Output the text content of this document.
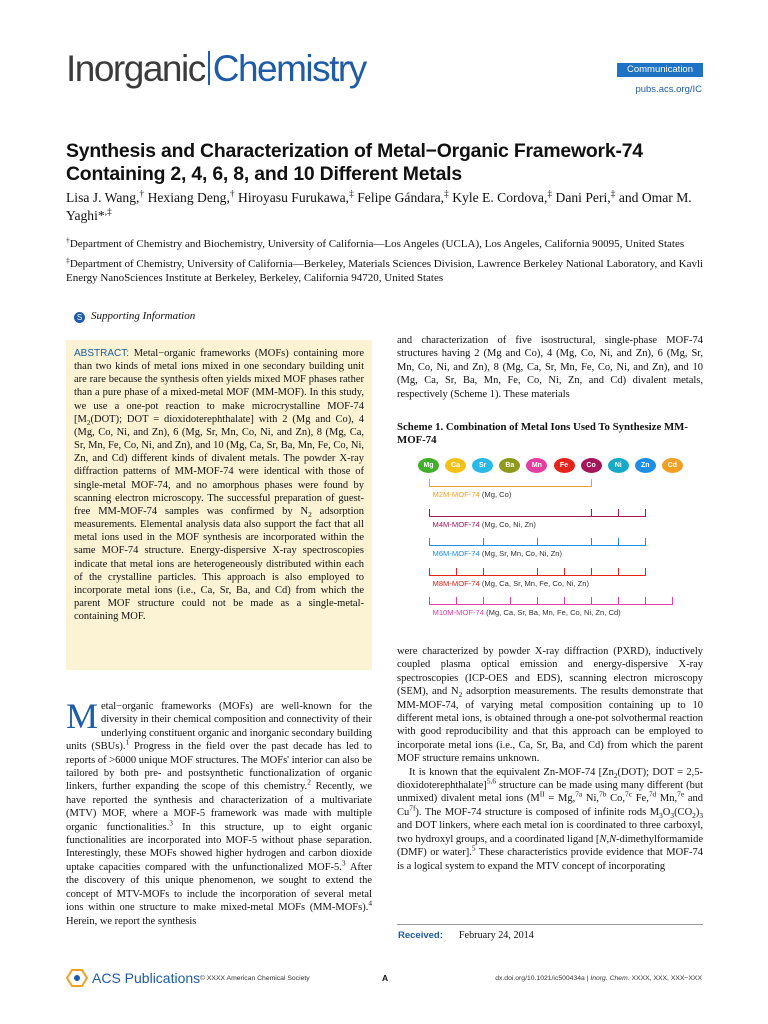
Inorganic Chemistry	Communication
pubs.acs.org/IC
Synthesis and Characterization of Metal−Organic Framework-74 Containing 2, 4, 6, 8, and 10 Different Metals
Lisa J. Wang,† Hexiang Deng,† Hiroyasu Furukawa,‡ Felipe Gándara,‡ Kyle E. Cordova,‡ Dani Peri,‡ and Omar M. Yaghi*,‡

†Department of Chemistry and Biochemistry, University of California—Los Angeles (UCLA), Los Angeles, California 90095, United States

‡Department of Chemistry, University of California—Berkeley, Materials Sciences Division, Lawrence Berkeley National Laboratory, and Kavli Energy NanoSciences Institute at Berkeley, Berkeley, California 94720, United States

S Supporting Information
ABSTRACT: Metal−organic frameworks (MOFs) containing more than two kinds of metal ions mixed in one secondary building unit are rare because the synthesis often yields mixed MOF phases rather than a pure phase of a mixed-metal MOF (MM-MOF). In this study, we use a one-pot reaction to make microcrystalline MOF-74 [$M_2(DOT)$; DOT = dioxidoterephthalate] with 2 (Mg and Co), 4 (Mg, Co, Ni, and Zn), 6 (Mg, Sr, Mn, Co, Ni, and Zn), 8 (Mg, Ca, Sr, Mn, Fe, Co, Ni, and Zn), and 10 (Mg, Ca, Sr, Ba, Mn, Fe, Co, Ni, Zn, and Cd) different kinds of divalent metals. The powder X-ray diffraction patterns of MM-MOF-74 were identical with those of single-metal MOF-74, and no amorphous phases were found by scanning electron microscopy. The successful preparation of guest-free MM-MOF-74 samples was confirmed by $N_2$ adsorption measurements. Elemental analysis data also support the fact that all metal ions used in the MOF synthesis are incorporated within the same MOF-74 structure. Energy-dispersive X-ray spectroscopies indicate that metal ions are heterogeneously distributed within each of the crystalline particles. This approach is also employed to incorporate metal ions (i.e., Ca, Sr, Ba, and Cd) from which the parent MOF structure could not be made as a single-metal-containing MOF.

Metal−organic frameworks (MOFs) are well-known for the diversity in their chemical composition and connectivity of their underlying constituent organic and inorganic secondary building units (SBUs).$^1$ Progress in the field over the past decade has led to reports of >6000 unique MOF structures. The MOFs' interior can also be tailored by both pre- and postsynthetic functionalization of organic linkers, further expanding the scope of this chemistry.$^2$ Recently, we have reported the synthesis and characterization of a multivariate (MTV) MOF, where a MOF-5 framework was made with multiple organic functionalities.$^3$ In this structure, up to eight organic functionalities are incorporated into MOF-5 without phase separation. Interestingly, these MOFs showed higher hydrogen and carbon dioxide uptake capacities compared with the unfunctionalized MOF-5.$^3$ After the discovery of this unique phenomenon, we sought to extend the concept of MTV-MOFs to include the incorporation of several metal ions within one structure to make mixed-metal MOFs (MM-MOFs).$^4$ Herein, we report the synthesis

and characterization of five isostructural, single-phase MOF-74 structures having 2 (Mg and Co), 4 (Mg, Co, Ni, and Zn), 6 (Mg, Sr, Mn, Co, Ni, and Zn), 8 (Mg, Ca, Sr, Mn, Fe, Co, Ni, and Zn), and 10 (Mg, Ca, Sr, Ba, Mn, Fe, Co, Ni, Zn, and Cd) divalent metals, respectively (Scheme 1). These materials

Scheme 1. Combination of Metal Ions Used To Synthesize MM-MOF-74
Mg	Ca	Sr	Ba	Mn	Fe	Co	Ni	Zn	Cd
M2M-MOF-74 (Mg, Co)
M4M-MOF-74 (Mg, Co, Ni, Zn)
M6M-MOF-74 (Mg, Sr, Mn, Co, Ni, Zn)
M8M-MOF-74 (Mg, Ca, Sr, Mn, Fe, Co, Ni, Zn)
M10M-MOF-74 (Mg, Ca, Sr, Ba, Mn, Fe, Co, Ni, Zn, Cd)

were characterized by powder X-ray diffraction (PXRD), inductively coupled plasma optical emission and energy-dispersive X-ray spectroscopies (ICP-OES and EDS), scanning electron microscopy (SEM), and $N_2$ adsorption measurements. The results demonstrate that MM-MOF-74, of varying metal composition containing up to 10 different metal ions, is obtained through a one-pot solvothermal reaction with good reproducibility and that this approach can be employed to incorporate metal ions (i.e., Ca, Sr, Ba, and Cd) from which the parent MOF structure remains unknown.

It is known that the equivalent Zn-MOF-74 [$Zn_2(DOT)$; DOT = 2,5-dioxidoterephthalate]$^{5,6}$ structure can be made using many different (but unmixed) divalent metal ions ($M^{II} = Mg,^{7a}$ Ni,$^{7b}$ Co,$^{7c}$ Fe,$^{7d}$ Mn,$^{7e}$ and $Cu^{7f}$). The MOF-74 structure is composed of infinite rods $M_3O_3(CO_2)_3$ and DOT linkers, where each metal ion is coordinated to three carboxyl, two hydroxyl groups, and a coordinated ligand [N,N-dimethylformamide (DMF) or water].$^5$ These characteristics provide evidence that MOF-74 is a logical system to expand the MTV concept of incorporating

Received: February 24, 2014
ACS Publications © XXXX American Chemical Society	A	dx.doi.org/10.1021/ic500434a | Inorg. Chem. XXXX, XXX, XXX−XXX
